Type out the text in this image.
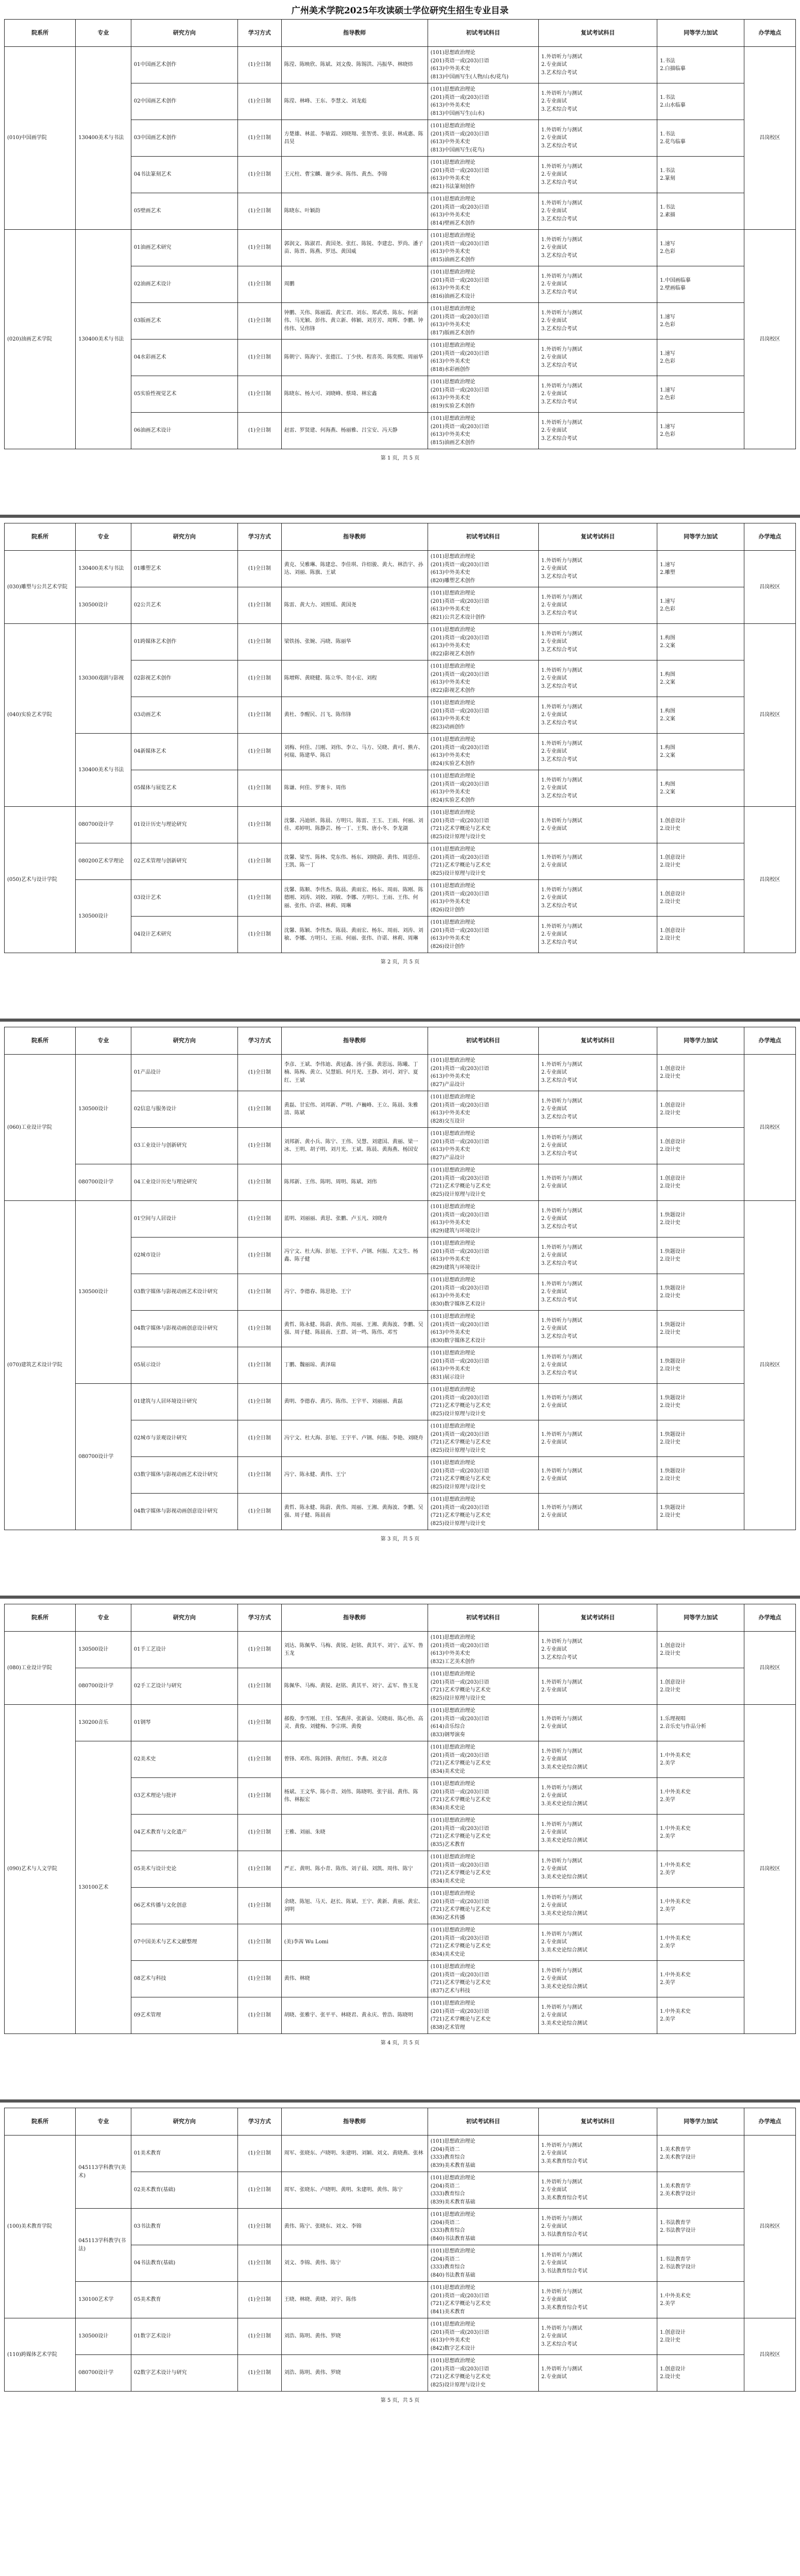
广州美术学院2025年攻读硕士学位研究生招生专业目录
院系所	专业	研究方向	学习方式	指导教师	初试考试科目	复试考试科目	同等学力加试	办学地点
(010)中国画学院	130400美术与书法	01中国画艺术创作	(1)全日制	陈滢、陈映欣、陈斌、刘文俊、陈锡洪、冯振华、林晓炜	(101)思想政治理论
(201)英语一或(203)日语
(613)中外美术史
(813)中国画写生(人物/山水/花鸟)	1.外语听力与测试
2.专业面试
3.艺术综合考试	1.书法
2.白描临摹	昌岗校区
		02中国画艺术创作	(1)全日制	陈滢、林峰、王东、李慧文、刘龙彪	(101)思想政治理论
(201)英语一或(203)日语
(613)中外美术史
(813)中国画写生(山水)	1.外语听力与测试
2.专业面试
3.艺术综合考试	1.书法
2.山水临摹	
		03中国画艺术创作	(1)全日制	方楚雄、林蓝、李敏霞、刘晓翔、张智勇、张景、林成惠、陈昌昊	(101)思想政治理论
(201)英语一或(203)日语
(613)中外美术史
(813)中国画写生(花鸟)	1.外语听力与测试
2.专业面试
3.艺术综合考试	1.书法
2.花鸟临摹	
		04书法篆刻艺术	(1)全日制	王元柱、曹宝麟、谢少承、陈伟、黄杰、李锦	(101)思想政治理论
(201)英语一或(203)日语
(613)中外美术史
(821)书法篆刻创作	1.外语听力与测试
2.专业面试
3.艺术综合考试	1.书法
2.篆刻	
		05壁画艺术	(1)全日制	陈晓东、叶颖韵	(101)思想政治理论
(201)英语一或(203)日语
(613)中外美术史
(814)壁画艺术创作	1.外语听力与测试
2.专业面试
3.艺术综合考试	1.书法
2.素描	
(020)油画艺术学院	130400美术与书法	01油画艺术研究	(1)全日制	郭润文、陈淑君、黄国尧、张红、陈锐、李建忠、罗尚、潘子苗、陈晋、陈燕、罗迅、黄国威	(101)思想政治理论
(201)英语一或(203)日语
(613)中外美术史
(815)油画艺术创作	1.外语听力与测试
2.专业面试
3.艺术综合考试	1.速写
2.色彩	昌岗校区
		02油画艺术设计	(1)全日制	周鹏	(101)思想政治理论
(201)英语一或(203)日语
(613)中外美术史
(816)油画艺术设计	1.外语听力与测试
2.专业面试
3.艺术综合考试	1.中国画临摹
2.壁画临摹	
		03版画艺术	(1)全日制	钟鹏、关伟、陈丽霞、黄宝君、刘东、郑武勇、陈东、何新伟、马光颖、彭伟、黄立新、韩颖、刘芳芳、周辉、李鹏、钟伟伟、吴伟锋	(101)思想政治理论
(201)英语一或(203)日语
(613)中外美术史
(817)版画艺术创作	1.外语听力与测试
2.专业面试
3.艺术综合考试	1.速写
2.色彩	
		04水彩画艺术	(1)全日制	陈朝宁、陈海宁、张德江、丁少侠、程喜英、陈奕熙、周丽华	(101)思想政治理论
(201)英语一或(203)日语
(613)中外美术史
(818)水彩画创作	1.外语听力与测试
2.专业面试
3.艺术综合考试	1.速写
2.色彩	
		05实验性视觉艺术	(1)全日制	陈晓东、杨大可、刘晓峰、蔡琦、林宏鑫	(101)思想政治理论
(201)英语一或(203)日语
(613)中外美术史
(819)实验艺术创作	1.外语听力与测试
2.专业面试
3.艺术综合考试	1.速写
2.色彩	
		06油画艺术设计	(1)全日制	赵雷、罗贤建、何海燕、杨丽雅、吕宝安、冯天静	(101)思想政治理论
(201)英语一或(203)日语
(613)中外美术史
(815)油画艺术创作	1.外语听力与测试
2.专业面试
3.艺术综合考试	1.速写
2.色彩	
第 1 页，共 5 页
院系所	专业	研究方向	学习方式	指导教师	初试考试科目	复试考试科目	同等学力加试	办学地点
(030)雕塑与公共艺术学院	130400美术与书法	01雕塑艺术	(1)全日制	黄克、吴雅琳、陈建忠、李佳琪、许绍骏、黄大、林浩宇、孙达、刘丽、陈旗、王斌	(101)思想政治理论
(201)英语一或(203)日语
(613)中外美术史
(820)雕塑艺术创作	1.外语听力与测试
2.专业面试
3.艺术综合考试	1.速写
2.雕塑	昌岗校区
	130500设计	02公共艺术	(1)全日制	陈雷、黄大力、刘照瑶、黄国尧	(101)思想政治理论
(201)英语一或(203)日语
(613)中外美术史
(821)公共艺术设计创作	1.外语听力与测试
2.专业面试
3.艺术综合考试	1.速写
2.色彩	
(040)实验艺术学院	130300戏剧与影视	01跨媒体艺术创作	(1)全日制	梁铁扬、张婉、冯晓、陈丽华	(101)思想政治理论
(201)英语一或(203)日语
(613)中外美术史
(822)影视艺术创作	1.外语听力与测试
2.专业面试
3.艺术综合考试	1.构图
2.文案	昌岗校区
		02影视艺术创作	(1)全日制	陈增辉、黄晓健、陈立华、贺小宏、刘程	(101)思想政治理论
(201)英语一或(203)日语
(613)中外美术史
(822)影视艺术创作	1.外语听力与测试
2.专业面试
3.艺术综合考试	1.构图
2.文案	
		03动画艺术	(1)全日制	黄杜、李醒民、吕飞、陈伟锋	(101)思想政治理论
(201)英语一或(203)日语
(613)中外美术史
(823)动画创作	1.外语听力与测试
2.专业面试
3.艺术综合考试	1.构图
2.文案	
	130400美术与书法	04新媒体艺术	(1)全日制	刘梅、何佳、吕刚、刘伟、李立、马方、吴晓、黄可、熊卉、何瑞、陈建华、陈启	(101)思想政治理论
(201)英语一或(203)日语
(613)中外美术史
(824)实验艺术创作	1.外语听力与测试
2.专业面试
3.艺术综合考试	1.构图
2.文案	
		05媒体与展览艺术	(1)全日制	陈谦、何佳、罗赛卡、周伟	(101)思想政治理论
(201)英语一或(203)日语
(613)中外美术史
(824)实验艺术创作	1.外语听力与测试
2.专业面试
3.艺术综合考试	1.构图
2.文案	
(050)艺术与设计学院	080700设计学	01设计历史与理论研究	(1)全日制	沈馨、冯迪妍、陈晨、方明只、陈雷、王玉、王雨、何丽、刘佳、邓婷明、陈静芸、杨一丁、王隽、唐小冬、李龙湖	(101)思想政治理论
(201)英语一或(203)日语
(721)艺术学概论与艺术史
(825)设计原理与设计史	1.外语听力与测试
2.专业面试	1.创意设计
2.设计史	昌岗校区
	080200艺术学理论	02艺术管理与创新研究	(1)全日制	沈馨、梁雪、陈林、党东伟、杨东、刘晓蔚、黄伟、周思佳、王凯、陈一丁	(101)思想政治理论
(201)英语一或(203)日语
(721)艺术学概论与艺术史
(825)设计原理与设计史	1.外语听力与测试
2.专业面试	1.创意设计
2.设计史	
	130500设计	03设计艺术	(1)全日制	沈馨、陈顺、李伟杰、陈晨、黄雨宏、杨东、周雨、陈刚、陈德刚、刘涛、刘姣、刘敏、李娜、方明只、王雨、王伟、何丽、张伟、许诺、林莉、周琳	(101)思想政治理论
(201)英语一或(203)日语
(613)中外美术史
(826)设计创作	1.外语听力与测试
2.专业面试
3.艺术综合考试	1.创意设计
2.设计史	
		04设计艺术研究	(1)全日制	沈馨、陈颖、李伟杰、陈晨、黄雨宏、杨东、周雨、刘涛、刘敏、李娜、方明只、王雨、何丽、张伟、许诺、林莉、周琳	(101)思想政治理论
(201)英语一或(203)日语
(613)中外美术史
(826)设计创作	1.外语听力与测试
2.专业面试
3.艺术综合考试	1.创意设计
2.设计史	
第 2 页，共 5 页
院系所	专业	研究方向	学习方式	指导教师	初试考试科目	复试考试科目	同等学力加试	办学地点
(060)工业设计学院	130500设计	01产品设计	(1)全日制	李彦、王斌、李伟迪、黄冠鑫、汤子强、黄思远、陈曦、丁楠、陈梅、黄立、吴慧娟、何月光、王静、刘可、刘宇、夏红、王斌	(101)思想政治理论
(201)英语一或(203)日语
(613)中外美术史
(827)产品设计	1.外语听力与测试
2.专业面试
3.艺术综合考试	1.创意设计
2.设计史	昌岗校区
		02信息与服务设计	(1)全日制	黄磊、甘宏伟、刘邦新、严明、卢巍峰、王立、陈晨、朱雅清、陈斌	(101)思想政治理论
(201)英语一或(203)日语
(613)中外美术史
(828)交互设计	1.外语听力与测试
2.专业面试
3.艺术综合考试	1.创意设计
2.设计史	
		03工业设计与创新研究	(1)全日制	刘邦新、黄小兵、陈宁、王伟、吴慧、刘建国、黄丽、梁一冰、王明、胡子明、刘月光、王斌、陈晨、黄海燕、杨国安	(101)思想政治理论
(201)英语一或(203)日语
(613)中外美术史
(827)产品设计	1.外语听力与测试
2.专业面试
3.艺术综合考试	1.创意设计
2.设计史	
	080700设计学	04工业设计历史与理论研究	(1)全日制	陈邦新、王伟、陈明、周明、陈斌、刘伟	(101)思想政治理论
(201)英语一或(203)日语
(721)艺术学概论与艺术史
(825)设计原理与设计史	1.外语听力与测试
2.专业面试	1.创意设计
2.设计史	
(070)建筑艺术设计学院	130500设计	01空间与人居设计	(1)全日制	蓝明、刘丽丽、黄思、张鹏、卢玉凡、刘晓舟	(101)思想政治理论
(201)英语一或(203)日语
(613)中外美术史
(829)建筑与环境设计	1.外语听力与测试
2.专业面试
3.艺术综合考试	1.快题设计
2.设计史	昌岗校区
		02城市设计	(1)全日制	冯宁文、杜大海、彭旭、王宇平、卢钢、何振、尤文生、杨鑫、陈子健	(101)思想政治理论
(201)英语一或(203)日语
(613)中外美术史
(829)建筑与环境设计	1.外语听力与测试
2.专业面试
3.艺术综合考试	1.快题设计
2.设计史	
		03数字媒体与影视动画艺术设计研究	(1)全日制	冯宁、李德春、陈思艳、王宁	(101)思想政治理论
(201)英语一或(203)日语
(613)中外美术史
(830)数字媒体艺术设计	1.外语听力与测试
2.专业面试
3.艺术综合考试	1.快题设计
2.设计史	
		04数字媒体与影视动画创意设计研究	(1)全日制	黄哲、陈永健、陈蔚、黄伟、周丽、王湘、黄海波、李鹏、吴强、周子健、陈晨南、王群、刘一鸣、陈伟、邓雪	(101)思想政治理论
(201)英语一或(203)日语
(613)中外美术史
(830)数字媒体艺术设计	1.外语听力与测试
2.专业面试
3.艺术综合考试	1.快题设计
2.设计史	
		05展示设计	(1)全日制	丁鹏、魏丽琼、黄泽瑞	(101)思想政治理论
(201)英语一或(203)日语
(613)中外美术史
(831)展示设计	1.外语听力与测试
2.专业面试
3.艺术综合考试	1.快题设计
2.设计史	
	080700设计学	01建筑与人居环境设计研究	(1)全日制	黄明、李德春、黄巧、陈伟、王宇平、刘丽丽、黄磊	(101)思想政治理论
(201)英语一或(203)日语
(721)艺术学概论与艺术史
(825)设计原理与设计史	1.外语听力与测试
2.专业面试	1.快题设计
2.设计史	
		02城市与景观设计研究	(1)全日制	冯宁文、杜大海、彭旭、王宇平、卢钢、何振、李艳、刘晓舟	(101)思想政治理论
(201)英语一或(203)日语
(721)艺术学概论与艺术史
(825)设计原理与设计史	1.外语听力与测试
2.专业面试	1.快题设计
2.设计史	
		03数字媒体与影视动画艺术设计研究	(1)全日制	冯宁、陈永健、黄伟、王宁	(101)思想政治理论
(201)英语一或(203)日语
(721)艺术学概论与艺术史
(825)设计原理与设计史	1.外语听力与测试
2.专业面试	1.快题设计
2.设计史	
		04数字媒体与影视动画创意设计研究	(1)全日制	黄哲、陈永健、陈蔚、黄伟、周丽、王湘、黄海波、李鹏、吴强、周子健、陈晨南	(101)思想政治理论
(201)英语一或(203)日语
(721)艺术学概论与艺术史
(825)设计原理与设计史	1.外语听力与测试
2.专业面试	1.快题设计
2.设计史	
第 3 页，共 5 页
院系所	专业	研究方向	学习方式	指导教师	初试考试科目	复试考试科目	同等学力加试	办学地点
(080)工业设计学院	130500设计	01手工艺设计	(1)全日制	刘达、陈佩华、马梅、黄锐、赵铭、黄其平、刘宁、孟军、鲁玉龙	(101)思想政治理论
(201)英语一或(203)日语
(613)中外美术史
(832)工艺美术创作	1.外语听力与测试
2.专业面试
3.艺术综合考试	1.创意设计
2.设计史	昌岗校区
	080700设计学	02手工艺设计与研究	(1)全日制	陈佩华、马梅、黄锐、赵铭、黄其平、刘宁、孟军、鲁玉龙	(101)思想政治理论
(201)英语一或(203)日语
(721)艺术学概论与艺术史
(825)设计原理与设计史	1.外语听力与测试
2.专业面试	1.创意设计
2.设计史	
(090)艺术与人文学院	130200音乐	01钢琴	(1)全日制	郝俊、李雪刚、王佳、邹燕萍、张新泉、吴晓雨、陈心怡、高灵、黄俊、刘健梅、李宗琪、黄俊	(101)思想政治理论
(201)英语一或(203)日语
(614)音乐综合
(833)钢琴演奏	1.外语听力与测试
2.专业面试	1.乐理视唱
2.音乐史与作品分析	昌岗校区
	130100艺术	02美术史	(1)全日制	曾锋、邓伟、陈剑锋、黄伟红、李燕、刘文彦	(101)思想政治理论
(201)英语一或(203)日语
(721)艺术学概论与艺术史
(834)美术史论	1.外语听力与测试
2.专业面试
3.美术史论综合测试	1.中外美术史
2.美学	
		03艺术理论与批评	(1)全日制	杨斌、王文华、陈小青、刘伟、陈晓明、张宇晨、黄伟、陈伟、林振宏	(101)思想政治理论
(201)英语一或(203)日语
(721)艺术学概论与艺术史
(834)美术史论	1.外语听力与测试
2.专业面试
3.美术史论综合测试	1.中外美术史
2.美学	
		04艺术教育与文化遗产	(1)全日制	王雅、刘丽、朱晓	(101)思想政治理论
(201)英语一或(203)日语
(721)艺术学概论与艺术史
(835)艺术教育	1.外语听力与测试
2.专业面试
3.美术史论综合测试	1.中外美术史
2.美学	
		05美术与设计史论	(1)全日制	严正、黄明、陈小青、陈伟、刘子晨、刘凯、周伟、陈宁	(101)思想政治理论
(201)英语一或(203)日语
(721)艺术学概论与艺术史
(834)美术史论	1.外语听力与测试
2.专业面试
3.美术史论综合测试	1.中外美术史
2.美学	
		06艺术传播与文化创意	(1)全日制	余晓、陈旭、马天、赵长、陈斌、王宁、黄新、黄丽、黄宏、刘明	(101)思想政治理论
(201)英语一或(203)日语
(721)艺术学概论与艺术史
(836)艺术传播	1.外语听力与测试
2.专业面试
3.美术史论综合测试	1.中外美术史
2.美学	
		07中国美术与艺术文献整理	(1)全日制	(美)李茜 Wu Lomi	(101)思想政治理论
(201)英语一或(203)日语
(721)艺术学概论与艺术史
(834)美术史论	1.外语听力与测试
2.专业面试
3.美术史论综合测试	1.中外美术史
2.美学	
		08艺术与科技	(1)全日制	黄伟、林晓	(101)思想政治理论
(201)英语一或(203)日语
(721)艺术学概论与艺术史
(837)艺术与科技	1.外语听力与测试
2.专业面试
3.美术史论综合测试	1.中外美术史
2.美学	
		09艺术管理	(1)全日制	胡晓、张雅宇、张平平、林晓君、黄永庆、曾浩、陈晓明	(101)思想政治理论
(201)英语一或(203)日语
(721)艺术学概论与艺术史
(838)艺术管理	1.外语听力与测试
2.专业面试
3.美术史论综合测试	1.中外美术史
2.美学	
第 4 页，共 5 页
院系所	专业	研究方向	学习方式	指导教师	初试考试科目	复试考试科目	同等学力加试	办学地点
(100)美术教育学院	045113学科教学(美术)	01美术教育	(1)全日制	周军、张晓东、卢晓明、朱建明、刘颖、刘文、黄晓燕、张林	(101)思想政治理论
(204)英语二
(333)教育综合
(839)美术教育基础	1.外语听力与测试
2.专业面试
3.美术教育综合考试	1.美术教育学
2.美术教学设计	昌岗校区
		02美术教育(基础)	(1)全日制	周军、张晓东、卢晓明、黄明、朱建明、黄伟、陈宁	(101)思想政治理论
(204)英语二
(333)教育综合
(839)美术教育基础	1.外语听力与测试
2.专业面试
3.美术教育综合考试	1.美术教育学
2.美术教学设计	
	045113学科教学(书法)	03书法教育	(1)全日制	黄伟、陈宁、张晓东、刘文、李锦	(101)思想政治理论
(204)英语二
(333)教育综合
(840)书法教育基础	1.外语听力与测试
2.专业面试
3.书法教育综合考试	1.书法教育学
2.书法教学设计	
		04书法教育(基础)	(1)全日制	刘文、李锦、黄伟、陈宁	(101)思想政治理论
(204)英语二
(333)教育综合
(840)书法教育基础	1.外语听力与测试
2.专业面试
3.书法教育综合考试	1.书法教育学
2.书法教学设计	
	130100艺术学	05美术教育	(1)全日制	王晓、林晓、黄晓、刘宇、陈伟	(101)思想政治理论
(201)英语一或(203)日语
(721)艺术学概论与艺术史
(841)美术教育	1.外语听力与测试
2.专业面试
3.美术教育综合考试	1.中外美术史
2.美学	
(110)跨媒体艺术学院	130500设计	01数字艺术设计	(1)全日制	刘浩、陈明、黄伟、罗晓	(101)思想政治理论
(201)英语一或(203)日语
(613)中外美术史
(842)数字艺术设计	1.外语听力与测试
2.专业面试
3.艺术综合考试	1.创意设计
2.设计史	昌岗校区
	080700设计学	02数字艺术设计与研究	(1)全日制	刘浩、陈明、黄伟、罗晓	(101)思想政治理论
(201)英语一或(203)日语
(721)艺术学概论与艺术史
(825)设计原理与设计史	1.外语听力与测试
2.专业面试	1.创意设计
2.设计史	
第 5 页，共 5 页
